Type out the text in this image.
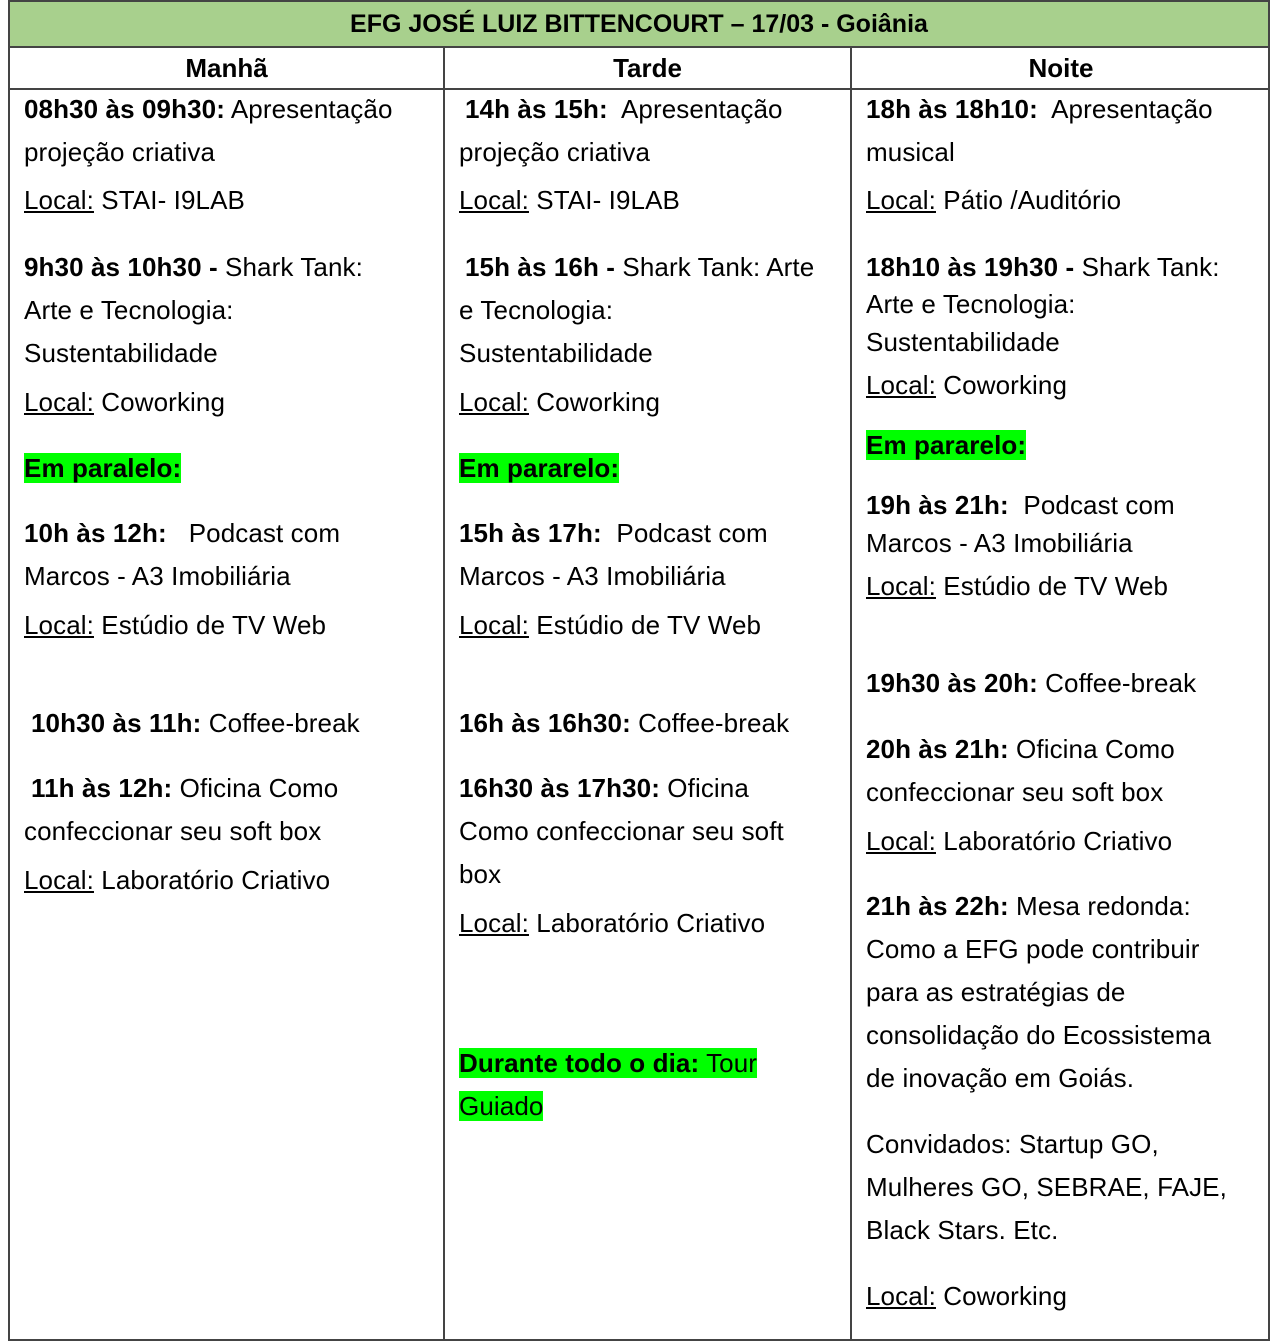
EFG JOSÉ LUIZ BITTENCOURT – 17/03 - Goiânia
Manhã	Tarde	Noite
08h30 às 09h30: Apresentação
projeção criativa
Local: STAI- I9LAB
9h30 às 10h30 - Shark Tank:
Arte e Tecnologia:
Sustentabilidade
Local: Coworking
Em paralelo:
10h às 12h:   Podcast com
Marcos - A3 Imobiliária
Local: Estúdio de TV Web
10h30 às 11h: Coffee-break
11h às 12h: Oficina Como
confeccionar seu soft box
Local: Laboratório Criativo
14h às 15h:  Apresentação
projeção criativa
Local: STAI- I9LAB
15h às 16h - Shark Tank: Arte
e Tecnologia:
Sustentabilidade
Local: Coworking
Em pararelo:
15h às 17h:  Podcast com
Marcos - A3 Imobiliária
Local: Estúdio de TV Web
16h às 16h30: Coffee-break
16h30 às 17h30: Oficina
Como confeccionar seu soft
box
Local: Laboratório Criativo
Durante todo o dia: Tour
Guiado
18h às 18h10:  Apresentação
musical
Local: Pátio /Auditório
18h10 às 19h30 - Shark Tank:
Arte e Tecnologia:
Sustentabilidade
Local: Coworking
Em pararelo:
19h às 21h:  Podcast com
Marcos - A3 Imobiliária
Local: Estúdio de TV Web
19h30 às 20h: Coffee-break
20h às 21h: Oficina Como
confeccionar seu soft box
Local: Laboratório Criativo
21h às 22h: Mesa redonda:
Como a EFG pode contribuir
para as estratégias de
consolidação do Ecossistema
de inovação em Goiás.
Convidados: Startup GO,
Mulheres GO, SEBRAE, FAJE,
Black Stars. Etc.
Local: Coworking
